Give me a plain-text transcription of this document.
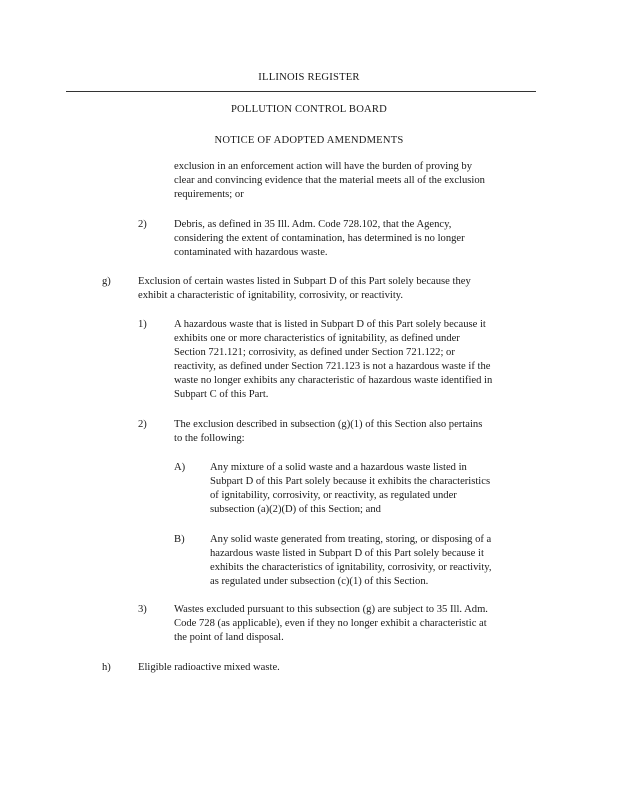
ILLINOIS REGISTER
POLLUTION CONTROL BOARD
NOTICE OF ADOPTED AMENDMENTS
exclusion in an enforcement action will have the burden of proving by
clear and convincing evidence that the material meets all of the exclusion
requirements; or
2)	Debris, as defined in 35 Ill. Adm. Code 728.102, that the Agency,
considering the extent of contamination, has determined is no longer
contaminated with hazardous waste.
g)	Exclusion of certain wastes listed in Subpart D of this Part solely because they
exhibit a characteristic of ignitability, corrosivity, or reactivity.
1)	A hazardous waste that is listed in Subpart D of this Part solely because it
exhibits one or more characteristics of ignitability, as defined under
Section 721.121; corrosivity, as defined under Section 721.122; or
reactivity, as defined under Section 721.123 is not a hazardous waste if the
waste no longer exhibits any characteristic of hazardous waste identified in
Subpart C of this Part.
2)	The exclusion described in subsection (g)(1) of this Section also pertains
to the following:
A) Any mixture of a solid waste and a hazardous waste listed in
Subpart D of this Part solely because it exhibits the characteristics
of ignitability, corrosivity, or reactivity, as regulated under
subsection (a)(2)(D) of this Section; and
B) Any solid waste generated from treating, storing, or disposing of a
hazardous waste listed in Subpart D of this Part solely because it
exhibits the characteristics of ignitability, corrosivity, or reactivity,
as regulated under subsection (c)(1) of this Section.
3)	Wastes excluded pursuant to this subsection (g) are subject to 35 Ill. Adm.
Code 728 (as applicable), even if they no longer exhibit a characteristic at
the point of land disposal.
h)	Eligible radioactive mixed waste.
